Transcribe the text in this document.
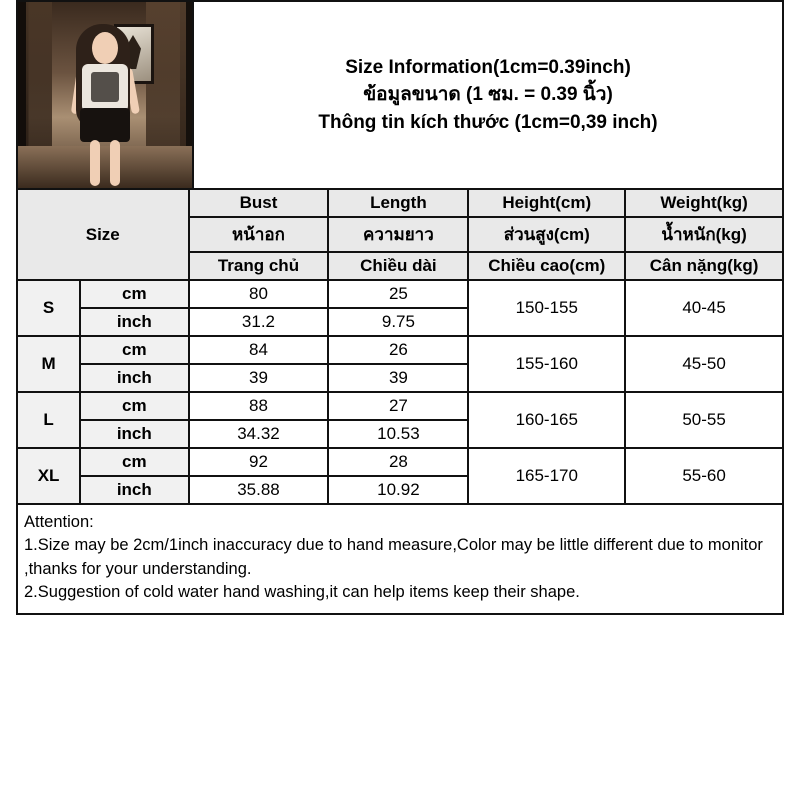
Size Information(1cm=0.39inch)
ข้อมูลขนาด (1 ซม. = 0.39 นิ้ว)
Thông tin kích thước (1cm=0,39 inch)
Size		Bust	Length	Height(cm)	Weight(kg)
		หน้าอก	ความยาว	ส่วนสูง(cm)	น้ำหนัก(kg)
		Trang chủ	Chiều dài	Chiều cao(cm)	Cân nặng(kg)
S	cm	80	25	150-155	40-45
	inch	31.2	9.75		
M	cm	84	26	155-160	45-50
	inch	39	39		
L	cm	88	27	160-165	50-55
	inch	34.32	10.53		
XL	cm	92	28	165-170	55-60
	inch	35.88	10.92		

Attention:

1.Size may be 2cm/1inch inaccuracy due to hand measure,Color may be little different due to monitor ,thanks for your understanding.

2.Suggestion of cold water hand washing,it can help items keep their shape.
